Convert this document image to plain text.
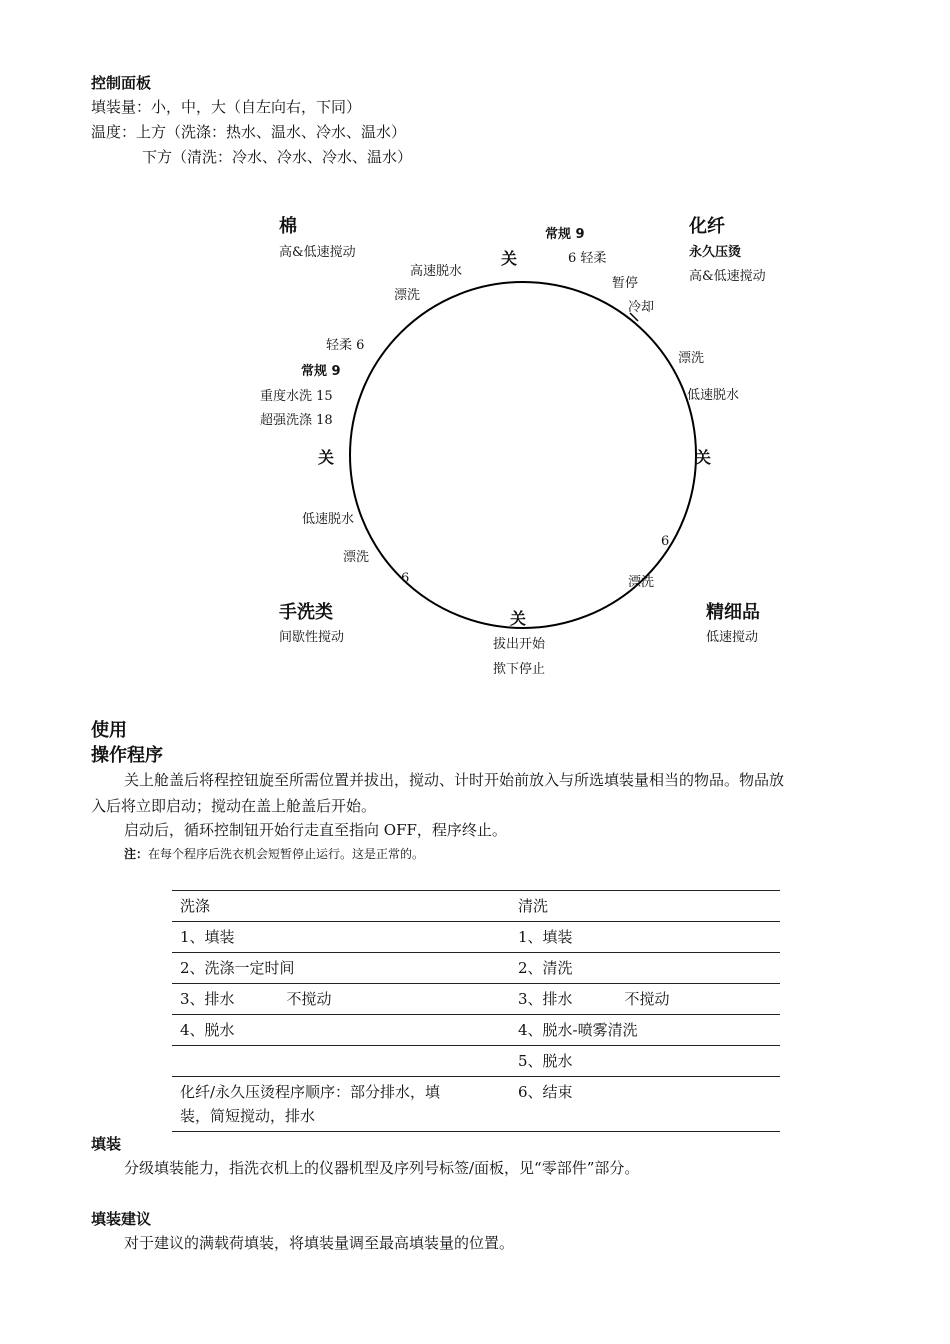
控制面板
填装量：小，中，大（自左向右，下同）
温度：上方（洗涤：热水、温水、冷水、温水）
下方（清洗：冷水、冷水、冷水、温水）
棉
高&低速搅动
化纤
永久压烫
高&低速搅动
关
常规 9
6 轻柔
暂停
冷却
高速脱水
漂洗
轻柔 6
常规 9
重度水洗 15
超强洗涤 18
关
漂洗
低速脱水
关
低速脱水
漂洗
6
6
漂洗
手洗类
间歇性搅动
精细品
低速搅动
关
拔出开始
揿下停止
使用
操作程序
关上舱盖后将程控钮旋至所需位置并拔出，搅动、计时开始前放入与所选填装量相当的物品。物品放
入后将立即启动；搅动在盖上舱盖后开始。
启动后，循环控制钮开始行走直至指向 OFF，程序终止。
注：在每个程序后洗衣机会短暂停止运行。这是正常的。
洗涤	清洗
1、填装	1、填装
2、洗涤一定时间	2、清洗
3、排水 不搅动	3、排水 不搅动
4、脱水	4、脱水-喷雾清洗
	5、脱水

化纤/永久压烫程序顺序：部分排水，填
装，简短搅动，排水	6、结束
填装
分级填装能力，指洗衣机上的仪器机型及序列号标签/面板，见“零部件”部分。
填装建议
对于建议的满载荷填装，将填装量调至最高填装量的位置。
